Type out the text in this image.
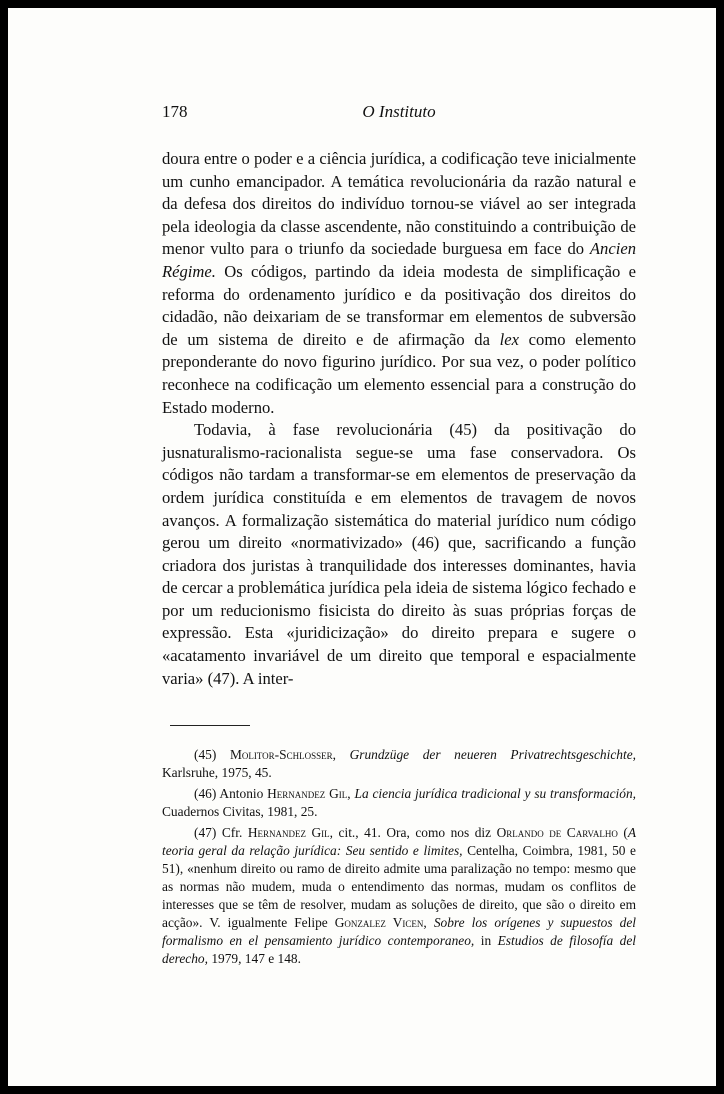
178	O Instituto

doura entre o poder e a ciência jurídica, a codificação teve inicialmente um cunho emancipador. A temática revolucionária da razão natural e da defesa dos direitos do indivíduo tornou-se viável ao ser integrada pela ideologia da classe ascendente, não constituindo a contribuição de menor vulto para o triunfo da sociedade burguesa em face do Ancien Régime. Os códigos, partindo da ideia modesta de simplificação e reforma do ordenamento jurídico e da positivação dos direitos do cidadão, não deixariam de se transformar em elementos de subversão de um sistema de direito e de afirmação da lex como elemento preponderante do novo figurino jurídico. Por sua vez, o poder político reconhece na codificação um elemento essencial para a construção do Estado moderno.

Todavia, à fase revolucionária (45) da positivação do jusnaturalismo-racionalista segue-se uma fase conservadora. Os códigos não tardam a transformar-se em elementos de preservação da ordem jurídica constituída e em elementos de travagem de novos avanços. A formalização sistemática do material jurídico num código gerou um direito «normativizado» (46) que, sacrificando a função criadora dos juristas à tranquilidade dos interesses dominantes, havia de cercar a problemática jurídica pela ideia de sistema lógico fechado e por um reducionismo fisicista do direito às suas próprias forças de expressão. Esta «juridicização» do direito prepara e sugere o «acatamento invariável de um direito que temporal e espacialmente varia» (47). A inter-

(45) Molitor-Schlosser, Grundzüge der neueren Privatrechtsgeschichte, Karlsruhe, 1975, 45.

(46) Antonio Hernandez Gil, La ciencia jurídica tradicional y su transformación, Cuadernos Civitas, 1981, 25.

(47) Cfr. Hernandez Gil, cit., 41. Ora, como nos diz Orlando de Carvalho (A teoria geral da relação jurídica: Seu sentido e limites, Centelha, Coimbra, 1981, 50 e 51), «nenhum direito ou ramo de direito admite uma paralização no tempo: mesmo que as normas não mudem, muda o entendimento das normas, mudam os conflitos de interesses que se têm de resolver, mudam as soluções de direito, que são o direito em acção». V. igualmente Felipe Gonzalez Vicen, Sobre los orígenes y supuestos del formalismo en el pensamiento jurídico contemporaneo, in Estudios de filosofía del derecho, 1979, 147 e 148.
